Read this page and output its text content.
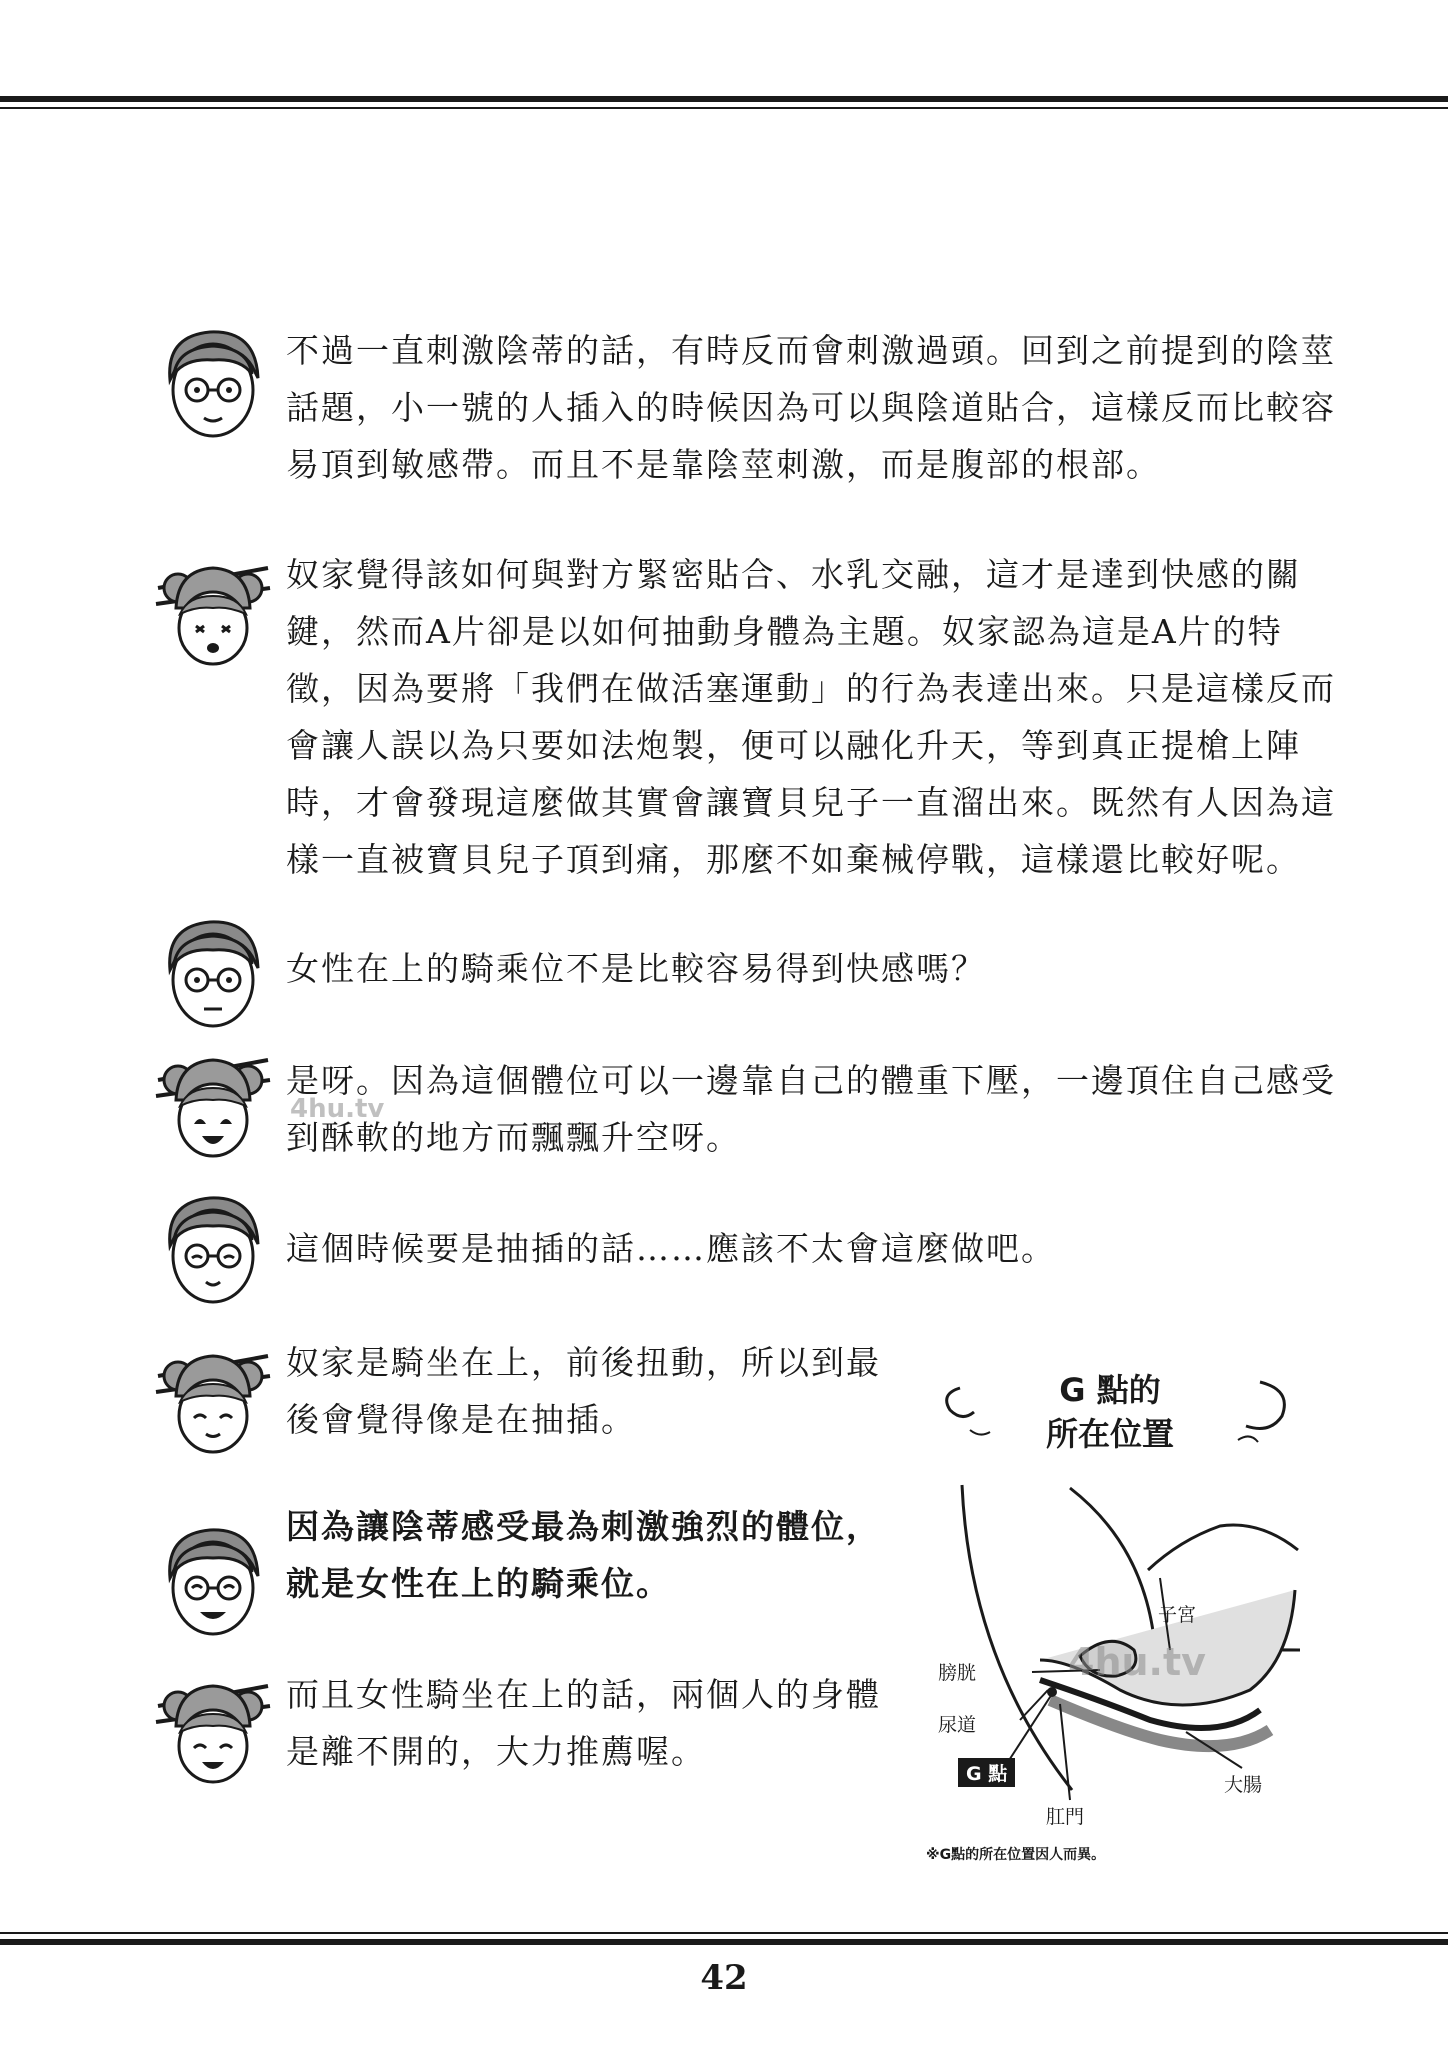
不過一直刺激陰蒂的話，有時反而會刺激過頭。回到之前提到的陰莖
話題，小一號的人插入的時候因為可以與陰道貼合，這樣反而比較容
易頂到敏感帶。而且不是靠陰莖刺激，而是腹部的根部。
奴家覺得該如何與對方緊密貼合、水乳交融，這才是達到快感的關
鍵，然而A片卻是以如何抽動身體為主題。奴家認為這是A片的特
徵，因為要將「我們在做活塞運動」的行為表達出來。只是這樣反而
會讓人誤以為只要如法炮製，便可以融化升天，等到真正提槍上陣
時，才會發現這麼做其實會讓寶貝兒子一直溜出來。既然有人因為這
樣一直被寶貝兒子頂到痛，那麼不如棄械停戰，這樣還比較好呢。
女性在上的騎乘位不是比較容易得到快感嗎？
是呀。因為這個體位可以一邊靠自己的體重下壓，一邊頂住自己感受
到酥軟的地方而飄飄升空呀。
這個時候要是抽插的話……應該不太會這麼做吧。
奴家是騎坐在上，前後扭動，所以到最
後會覺得像是在抽插。
因為讓陰蒂感受最為刺激強烈的體位，
就是女性在上的騎乘位。
而且女性騎坐在上的話，兩個人的身體
是離不開的，大力推薦喔。
G 點的
所在位置
子宮
膀胱
尿道
G 點
肛門
大腸
※G點的所在位置因人而異。
4hu.tv
4hu.tv
42
